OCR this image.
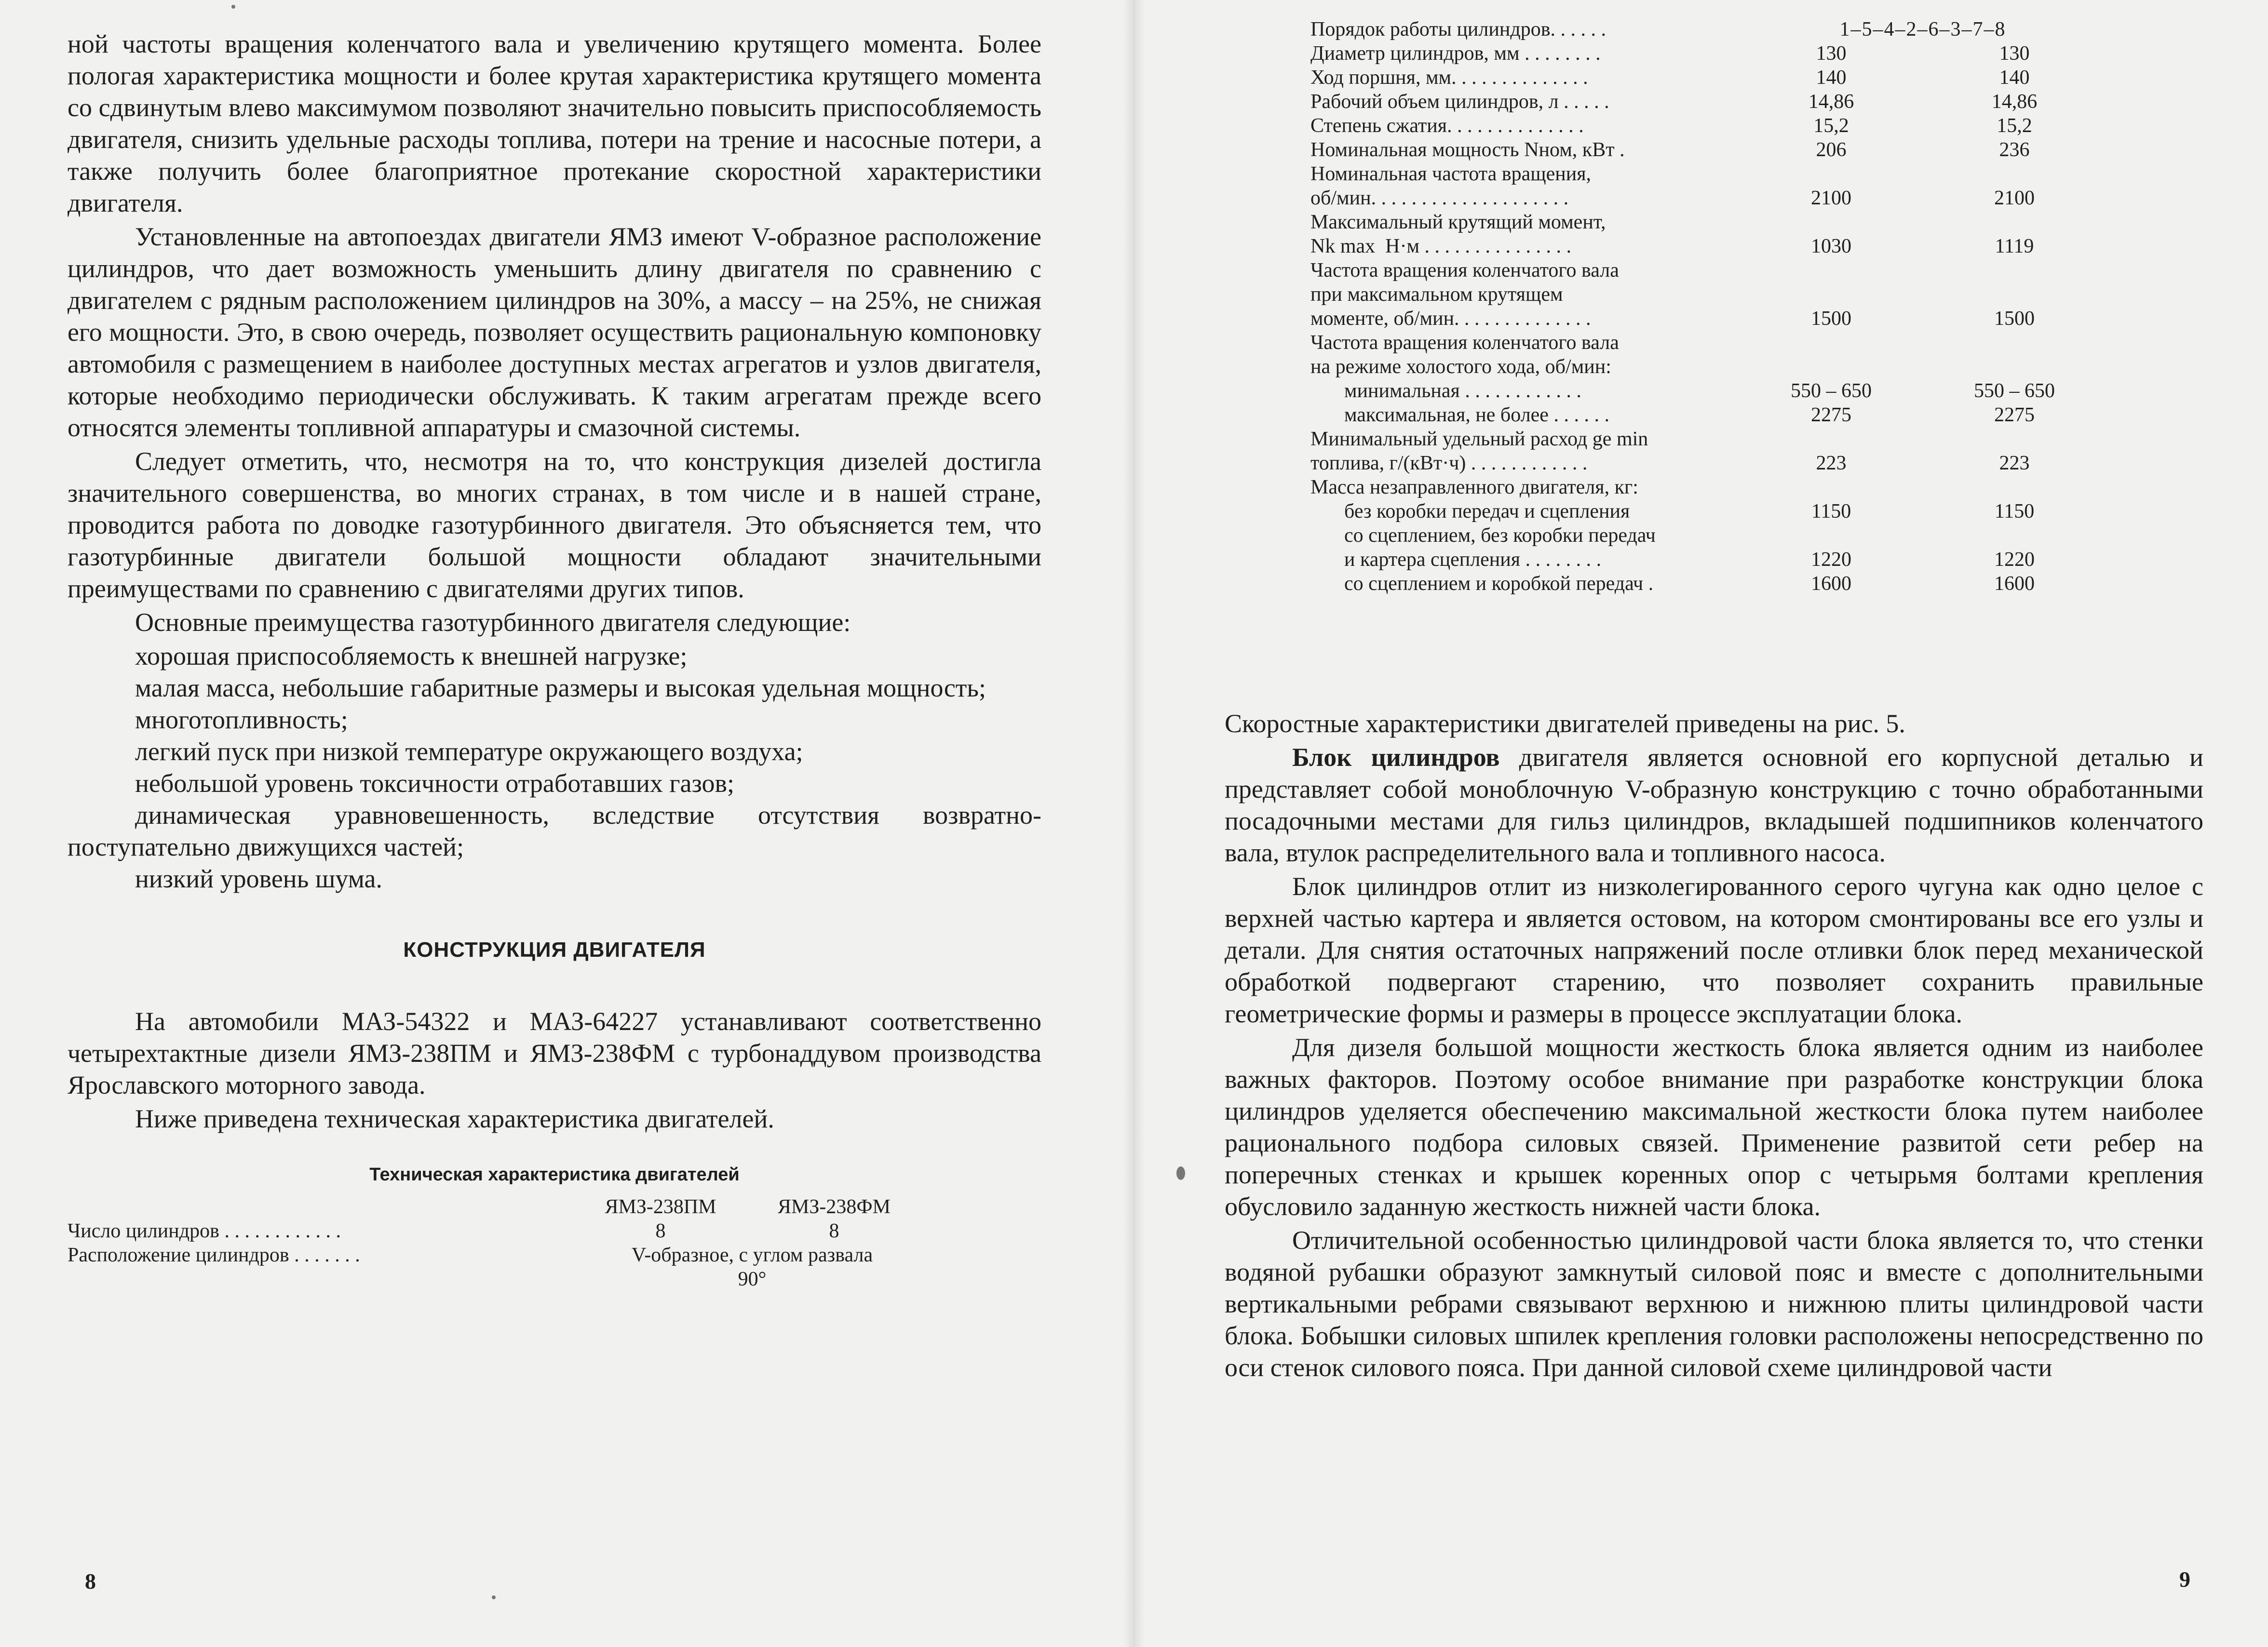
ной частоты вращения коленчатого вала и увеличению крутящего момента. Более пологая характеристика мощности и более крутая характеристика крутящего момента со сдвинутым влево максимумом позволяют значительно повысить приспособляемость двигателя, снизить удельные расходы топлива, потери на трение и насосные потери, а также получить более благоприятное протекание скоростной характеристики двигателя.

Установленные на автопоездах двигатели ЯМЗ имеют V-образное расположение цилиндров, что дает возможность уменьшить длину двигателя по сравнению с двигателем с рядным расположением цилиндров на 30%, а массу – на 25%, не снижая его мощности. Это, в свою очередь, позволяет осуществить рациональную компоновку автомобиля с размещением в наиболее доступных местах агрегатов и узлов двигателя, которые необходимо периодически обслуживать. К таким агрегатам прежде всего относятся элементы топливной аппаратуры и смазочной системы.

Следует отметить, что, несмотря на то, что конструкция дизелей достигла значительного совершенства, во многих странах, в том числе и в нашей стране, проводится работа по доводке газотурбинного двигателя. Это объясняется тем, что газотурбинные двигатели большой мощности обладают значительными преимуществами по сравнению с двигателями других типов.

Основные преимущества газотурбинного двигателя следующие:

хорошая приспособляемость к внешней нагрузке;

малая масса, небольшие габаритные размеры и высокая удельная мощность;

многотопливность;

легкий пуск при низкой температуре окружающего воздуха;

небольшой уровень токсичности отработавших газов;

динамическая уравновешенность, вследствие отсутствия возвратно-поступательно движущихся частей;

низкий уровень шума.

КОНСТРУКЦИЯ ДВИГАТЕЛЯ

На автомобили МАЗ-54322 и МАЗ-64227 устанавливают соответственно четырехтактные дизели ЯМЗ-238ПМ и ЯМЗ-238ФМ с турбонаддувом производства Ярославского моторного завода.

Ниже приведена техническая характеристика двигателей.

Техническая характеристика двигателей
ЯМЗ-238ПМ	ЯМЗ-238ФМ
Число цилиндров . . . . . . . . . . . .	8	8
Расположение цилиндров . . . . . . .	V-образное, с углом развала
90°
8
Порядок работы цилиндров. . . . . .	1–5–4–2–6–3–7–8
Диаметр цилиндров, мм . . . . . . . .	130	130
Ход поршня, мм. . . . . . . . . . . . . .	140	140
Рабочий объем цилиндров, л . . . . .	14,86	14,86
Степень сжатия. . . . . . . . . . . . . .	15,2	15,2
Номинальная мощность Nном, кВт .	206	236
Номинальная частота вращения,
об/мин. . . . . . . . . . . . . . . . . . . .	2100	2100
Максимальный крутящий момент,
Nk max  Н·м . . . . . . . . . . . . . . .	1030	1119
Частота вращения коленчатого вала
при максимальном крутящем
моменте, об/мин. . . . . . . . . . . . . .	1500	1500
Частота вращения коленчатого вала
на режиме холостого хода, об/мин:
минимальная . . . . . . . . . . . .	550 – 650	550 – 650
максимальная, не более . . . . . .	2275	2275
Минимальный удельный расход ge min
топлива, г/(кВт·ч) . . . . . . . . . . . .	223	223
Масса незаправленного двигателя, кг:
без коробки передач и сцепления	1150	1150
со сцеплением, без коробки передач
и картера сцепления . . . . . . . .	1220	1220
со сцеплением и коробкой передач .	1600	1600

Скоростные характеристики двигателей приведены на рис. 5.

Блок цилиндров двигателя является основной его корпусной деталью и представляет собой моноблочную V-образную конструкцию с точно обработанными посадочными местами для гильз цилиндров, вкладышей подшипников коленчатого вала, втулок распределительного вала и топливного насоса.

Блок цилиндров отлит из низколегированного серого чугуна как одно целое с верхней частью картера и является остовом, на котором смонтированы все его узлы и детали. Для снятия остаточных напряжений после отливки блок перед механической обработкой подвергают старению, что позволяет сохранить правильные геометрические формы и размеры в процессе эксплуатации блока.

Для дизеля большой мощности жесткость блока является одним из наиболее важных факторов. Поэтому особое внимание при разработке конструкции блока цилиндров уделяется обеспечению максимальной жесткости блока путем наиболее рационального подбора силовых связей. Применение развитой сети ребер на поперечных стенках и крышек коренных опор с четырьмя болтами крепления обусловило заданную жесткость нижней части блока.

Отличительной особенностью цилиндровой части блока является то, что стенки водяной рубашки образуют замкнутый силовой пояс и вместе с дополнительными вертикальными ребрами связывают верхнюю и нижнюю плиты цилиндровой части блока. Бобышки силовых шпилек крепления головки расположены непосредственно по оси стенок силового пояса. При данной силовой схеме цилиндровой части

9
